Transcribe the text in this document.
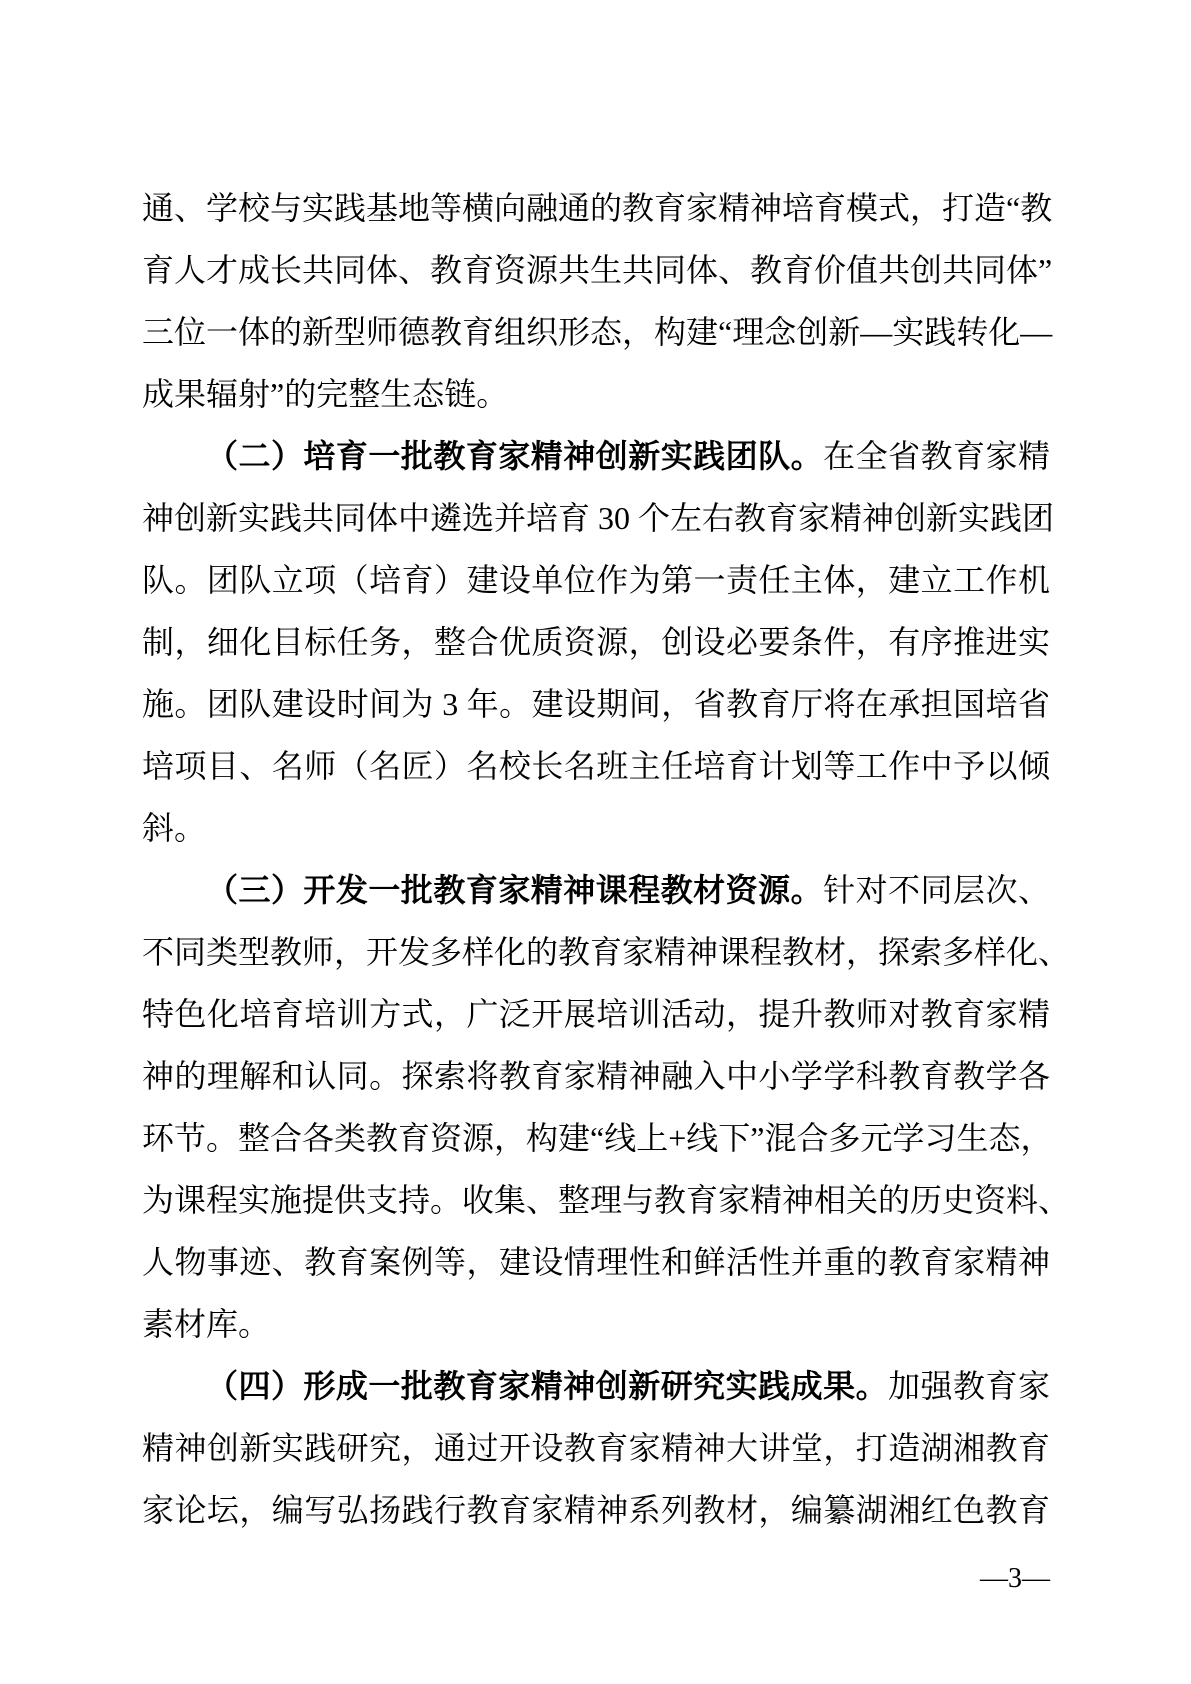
通、学校与实践基地等横向融通的教育家精神培育模式，打造“教
育人才成长共同体、教育资源共生共同体、教育价值共创共同体”
三位一体的新型师德教育组织形态，构建“理念创新—实践转化—
成果辐射”的完整生态链。
（二）培育一批教育家精神创新实践团队。在全省教育家精
神创新实践共同体中遴选并培育 30 个左右教育家精神创新实践团
队。团队立项（培育）建设单位作为第一责任主体，建立工作机
制，细化目标任务，整合优质资源，创设必要条件，有序推进实
施。团队建设时间为 3 年。建设期间，省教育厅将在承担国培省
培项目、名师（名匠）名校长名班主任培育计划等工作中予以倾
斜。
（三）开发一批教育家精神课程教材资源。针对不同层次、
不同类型教师，开发多样化的教育家精神课程教材，探索多样化、
特色化培育培训方式，广泛开展培训活动，提升教师对教育家精
神的理解和认同。探索将教育家精神融入中小学学科教育教学各
环节。整合各类教育资源，构建“线上+线下”混合多元学习生态，
为课程实施提供支持。收集、整理与教育家精神相关的历史资料、
人物事迹、教育案例等，建设情理性和鲜活性并重的教育家精神
素材库。
（四）形成一批教育家精神创新研究实践成果。加强教育家
精神创新实践研究，通过开设教育家精神大讲堂，打造湖湘教育
家论坛，编写弘扬践行教育家精神系列教材，编纂湖湘红色教育
—3—
